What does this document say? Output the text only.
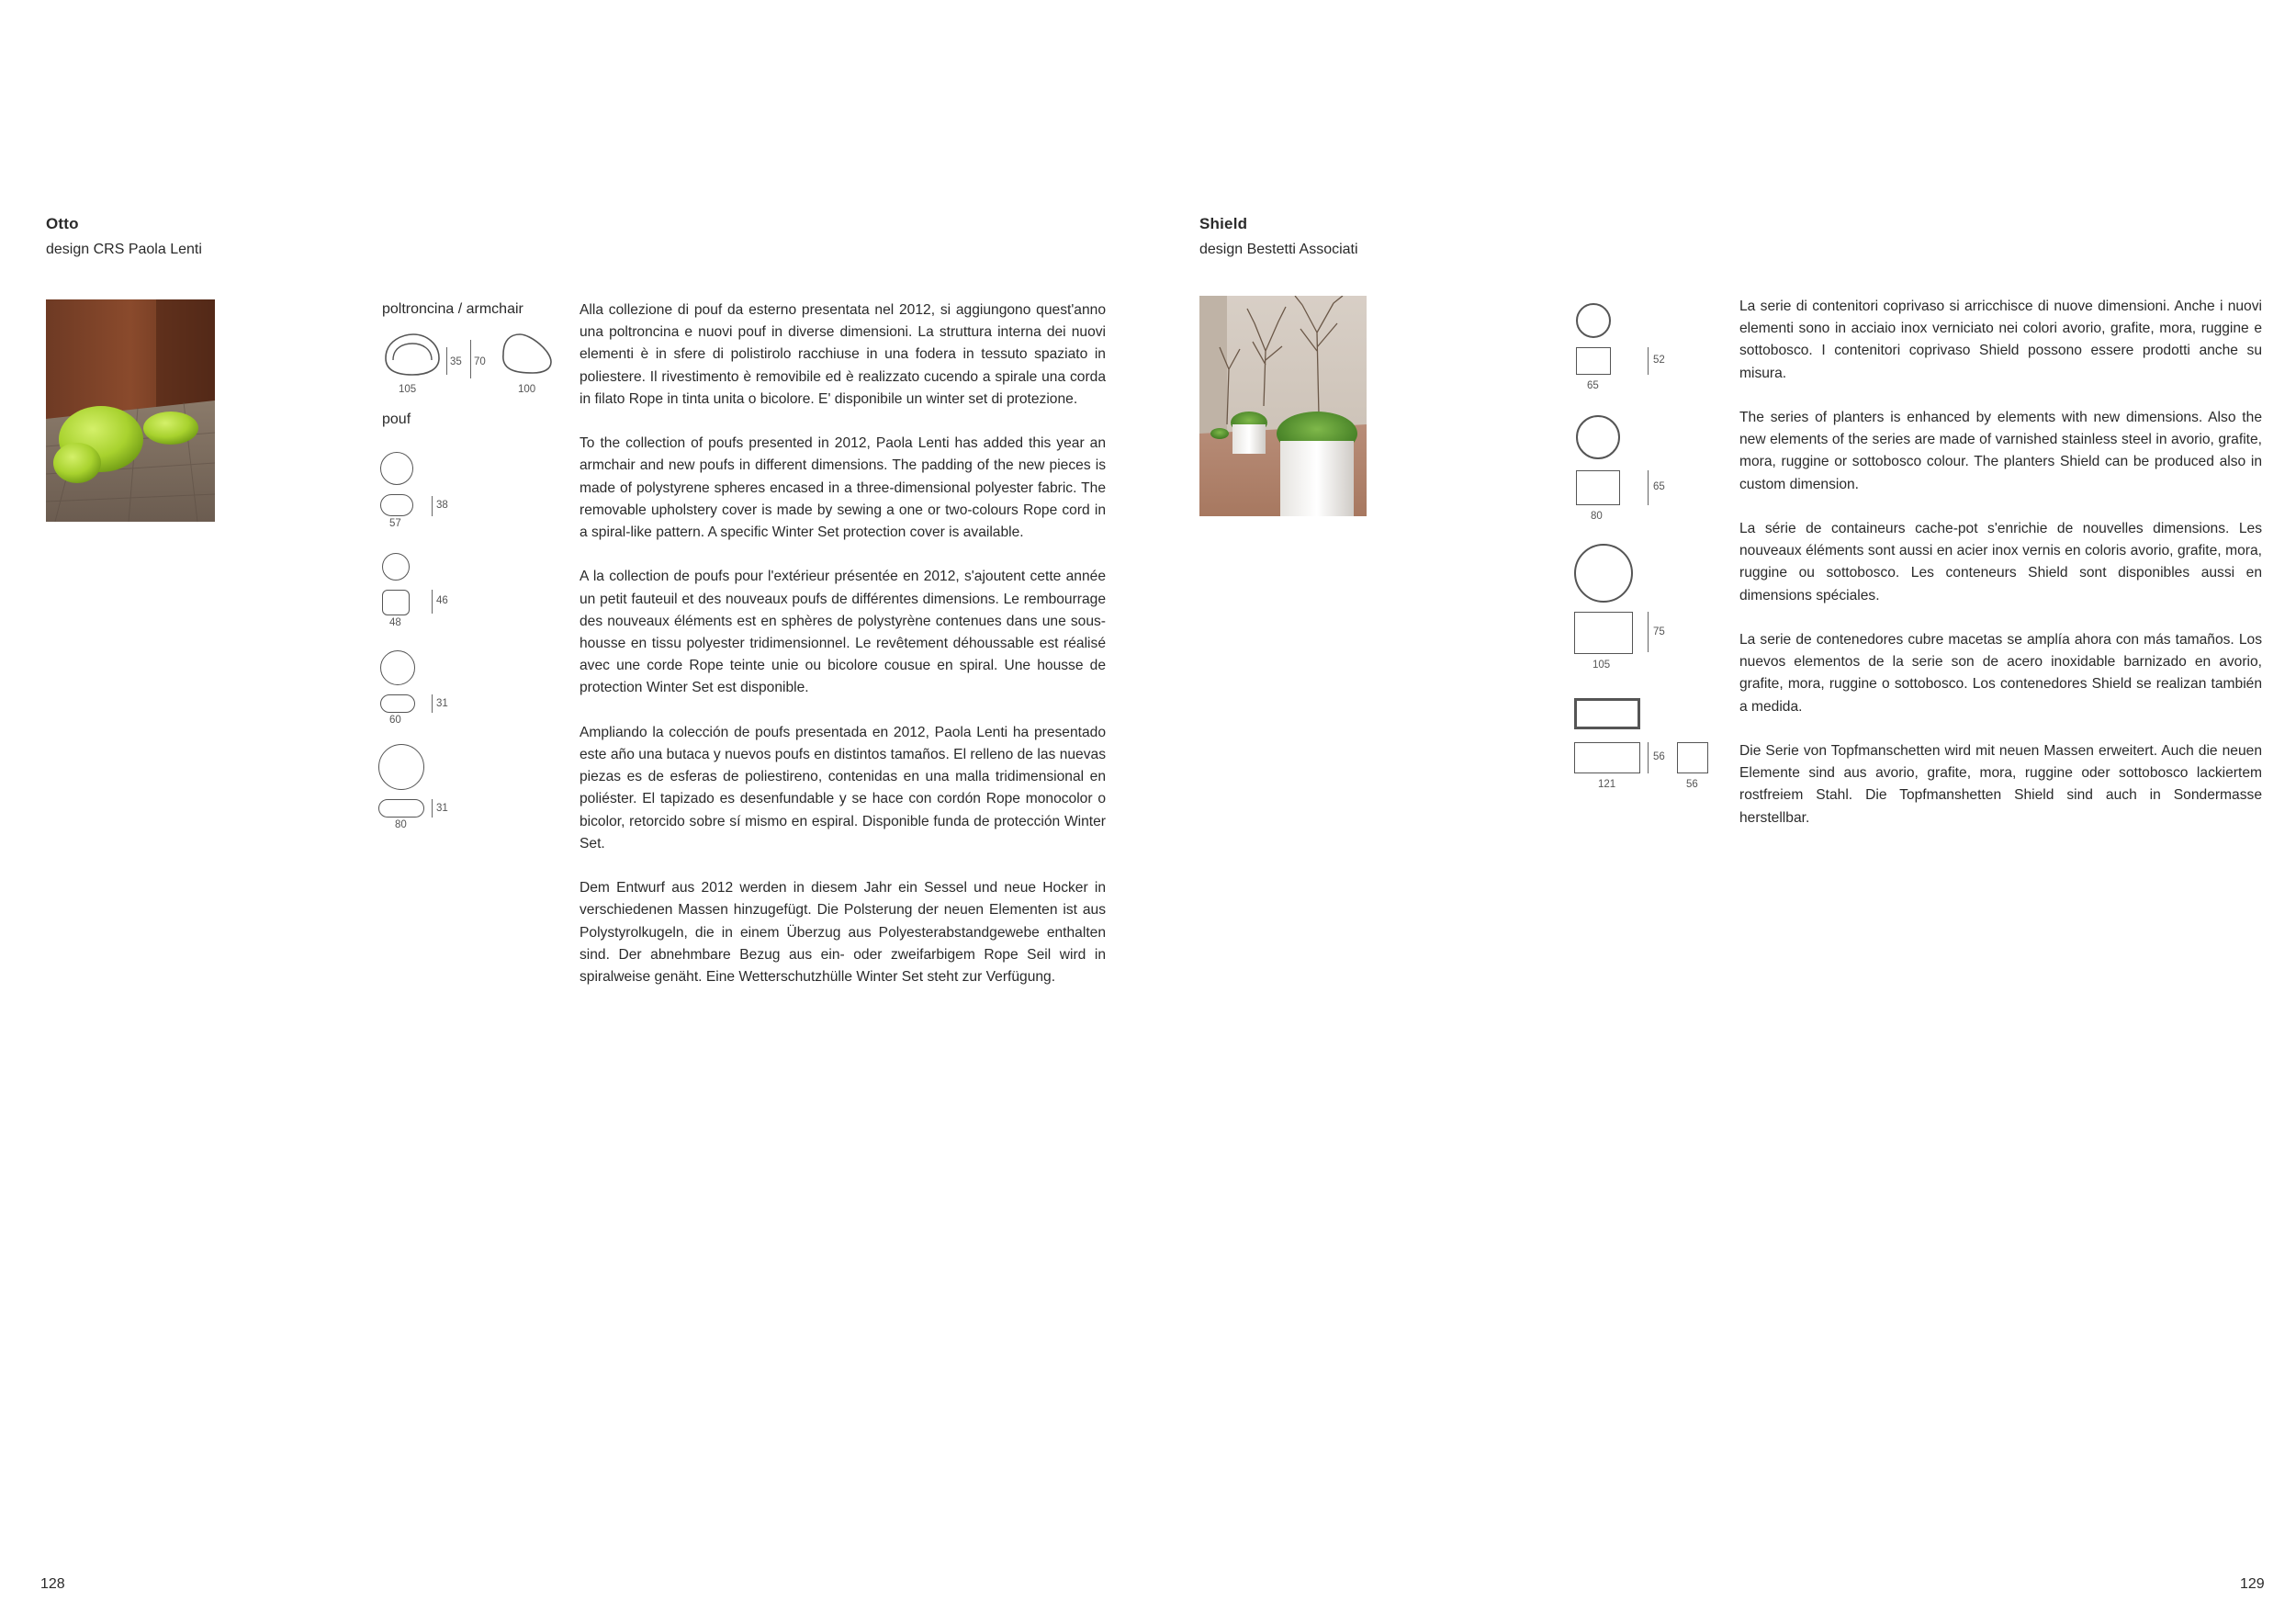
Otto
design CRS Paola Lenti
poltroncina / armchair
35 70
105	100
pouf
38
57
46
48
31
60
31
80

Alla collezione di pouf da esterno presentata nel 2012, si aggiungono quest'anno una poltroncina e nuovi pouf in diverse dimensioni. La struttura interna dei nuovi elementi è in sfere di polistirolo racchiuse in una fodera in tessuto spaziato in poliestere. Il rivestimento è removibile ed è realizzato cucendo a spirale una corda in filato Rope in tinta unita o bicolore. E' disponibile un winter set di protezione.

To the collection of poufs presented in 2012, Paola Lenti has added this year an armchair and new poufs in different dimensions. The padding of the new pieces is made of polystyrene spheres encased in a three-dimensional polyester fabric. The removable upholstery cover is made by sewing a one or two-colours Rope cord in a spiral-like pattern. A specific Winter Set protection cover is available.

A la collection de poufs pour l'extérieur présentée en 2012, s'ajoutent cette année un petit fauteuil et des nouveaux poufs de différentes dimensions. Le rembourrage des nouveaux éléments est en sphères de polystyrène contenues dans une sous-housse en tissu polyester tridimensionnel. Le revêtement déhoussable est réalisé avec une corde Rope teinte unie ou bicolore cousue en spiral. Une housse de protection Winter Set est disponible.

Ampliando la colección de poufs presentada en 2012, Paola Lenti ha presentado este año una butaca y nuevos poufs en distintos tamaños. El relleno de las nuevas piezas es de esferas de poliestireno, contenidas en una malla tridimensional en poliéster. El tapizado es desenfundable y se hace con cordón Rope monocolor o bicolor, retorcido sobre sí mismo en espiral. Disponible funda de protección Winter Set.

Dem Entwurf aus 2012 werden in diesem Jahr ein Sessel und neue Hocker in verschiedenen Massen hinzugefügt. Die Polsterung der neuen Elementen ist aus Polystyrolkugeln, die in einem Überzug aus Polyesterabstandgewebe enthalten sind. Der abnehmbare Bezug aus ein- oder zweifarbigem Rope Seil wird in spiralweise genäht. Eine Wetterschutzhülle Winter Set steht zur Verfügung.

128
Shield
design Bestetti Associati
52
65
65
80
75
105
56
121	56

La serie di contenitori coprivaso si arricchisce di nuove dimensioni. Anche i nuovi elementi sono in acciaio inox verniciato nei colori avorio, grafite, mora, ruggine e sottobosco. I contenitori coprivaso Shield possono essere prodotti anche su misura.

The series of planters is enhanced by elements with new dimensions. Also the new elements of the series are made of varnished stainless steel in avorio, grafite, mora, ruggine or sottobosco colour. The planters Shield can be produced also in custom dimension.

La série de containeurs cache-pot s'enrichie de nouvelles dimensions. Les nouveaux éléments sont aussi en acier inox vernis en coloris avorio, grafite, mora, ruggine ou sottobosco. Les conteneurs Shield sont disponibles aussi en dimensions spéciales.

La serie de contenedores cubre macetas se amplía ahora con más tamaños. Los nuevos elementos de la serie son de acero inoxidable barnizado en avorio, grafite, mora, ruggine o sottobosco. Los contenedores Shield se realizan también a medida.

Die Serie von Topfmanschetten wird mit neuen Massen erweitert. Auch die neuen Elemente sind aus avorio, grafite, mora, ruggine oder sottobosco lackiertem rostfreiem Stahl. Die Topfmanshetten Shield sind auch in Sondermasse herstellbar.

129
